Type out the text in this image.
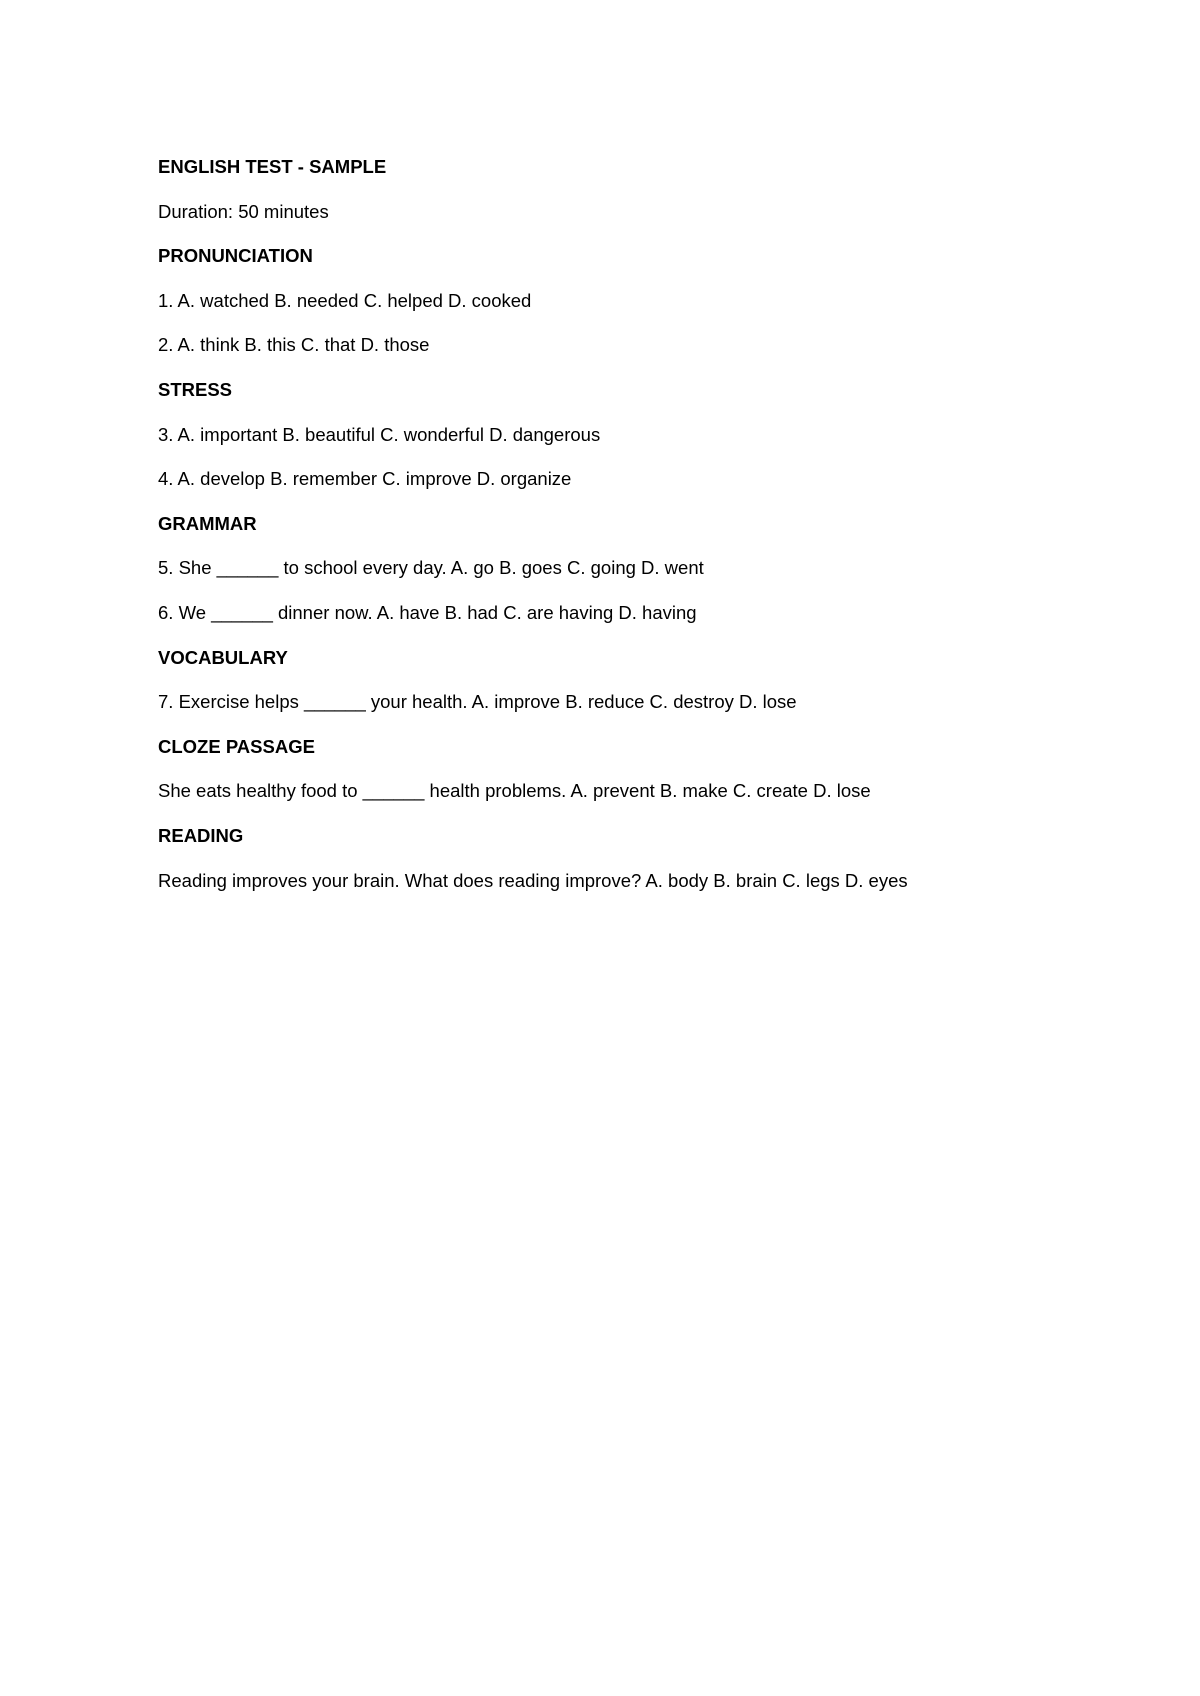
ENGLISH TEST - SAMPLE
Duration: 50 minutes
PRONUNCIATION
1. A. watched B. needed C. helped D. cooked
2. A. think B. this C. that D. those
STRESS
3. A. important B. beautiful C. wonderful D. dangerous
4. A. develop B. remember C. improve D. organize
GRAMMAR
5. She ______ to school every day. A. go B. goes C. going D. went
6. We ______ dinner now. A. have B. had C. are having D. having
VOCABULARY
7. Exercise helps ______ your health. A. improve B. reduce C. destroy D. lose
CLOZE PASSAGE
She eats healthy food to ______ health problems. A. prevent B. make C. create D. lose
READING
Reading improves your brain. What does reading improve? A. body B. brain C. legs D. eyes
